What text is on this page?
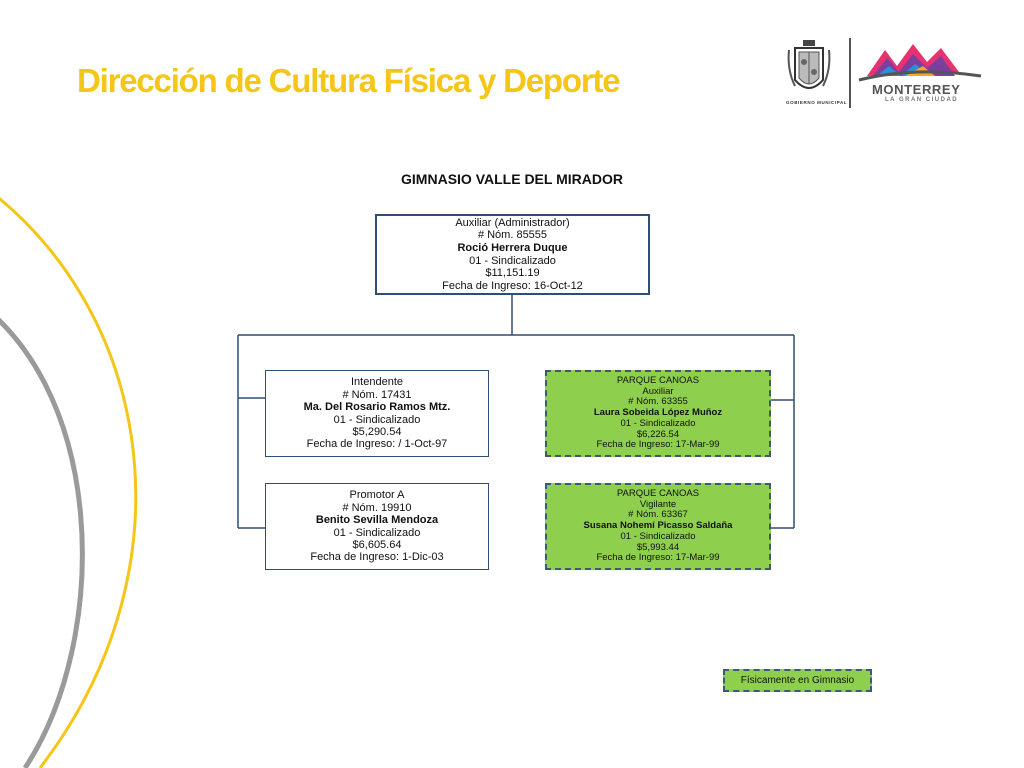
Dirección de Cultura Física y Deporte
GOBIERNO MUNICIPAL
MONTERREY
LA GRAN CIUDAD
GIMNASIO VALLE DEL MIRADOR
Auxiliar (Administrador)
# Nóm. 85555
Roció Herrera Duque
01 - Sindicalizado
$11,151.19
Fecha de Ingreso: 16-Oct-12
Intendente
# Nóm. 17431
Ma. Del Rosario Ramos Mtz.
01 - Sindicalizado
$5,290.54
Fecha de Ingreso: / 1-Oct-97
Promotor A
# Nóm. 19910
Benito Sevilla Mendoza
01 - Sindicalizado
$6,605.64
Fecha de Ingreso: 1-Dic-03
PARQUE CANOAS
Auxiliar
# Nóm. 63355
Laura Sobeida López Muñoz
01 - Sindicalizado
$6,226.54
Fecha de Ingreso: 17-Mar-99
PARQUE CANOAS
Vigilante
# Nóm. 63367
Susana Nohemí Picasso Saldaña
01 - Sindicalizado
$5,993.44
Fecha de Ingreso: 17-Mar-99
Físicamente en Gimnasio
